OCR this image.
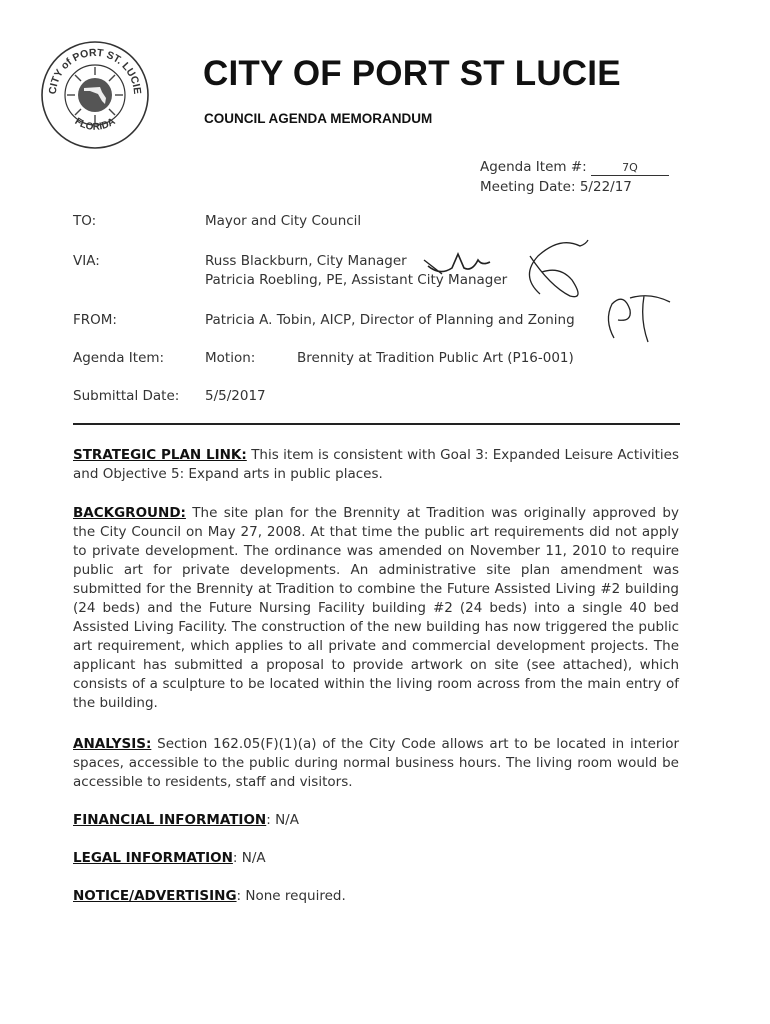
CITY of PORT ST. LUCIE
FLORIDA
CITY OF PORT ST LUCIE
COUNCIL AGENDA MEMORANDUM
Agenda Item #:	7Q
Meeting Date: 5/22/17
TO:	Mayor and City Council
VIA:	Russ Blackburn, City Manager
Patricia Roebling, PE, Assistant City Manager
FROM:	Patricia A. Tobin, AICP, Director of Planning and Zoning
Agenda Item:	Motion:	Brennity at Tradition Public Art (P16-001)
Submittal Date: 5/5/2017

STRATEGIC PLAN LINK: This item is consistent with Goal 3: Expanded Leisure Activities and Objective 5: Expand arts in public places.

BACKGROUND: The site plan for the Brennity at Tradition was originally approved by the City Council on May 27, 2008. At that time the public art requirements did not apply to private development. The ordinance was amended on November 11, 2010 to require public art for private developments. An administrative site plan amendment was submitted for the Brennity at Tradition to combine the Future Assisted Living #2 building (24 beds) and the Future Nursing Facility building #2 (24 beds) into a single 40 bed Assisted Living Facility. The construction of the new building has now triggered the public art requirement, which applies to all private and commercial development projects. The applicant has submitted a proposal to provide artwork on site (see attached), which consists of a sculpture to be located within the living room across from the main entry of the building.

ANALYSIS: Section 162.05(F)(1)(a) of the City Code allows art to be located in interior spaces, accessible to the public during normal business hours. The living room would be accessible to residents, staff and visitors.

FINANCIAL INFORMATION: N/A

LEGAL INFORMATION: N/A

NOTICE/ADVERTISING: None required.
